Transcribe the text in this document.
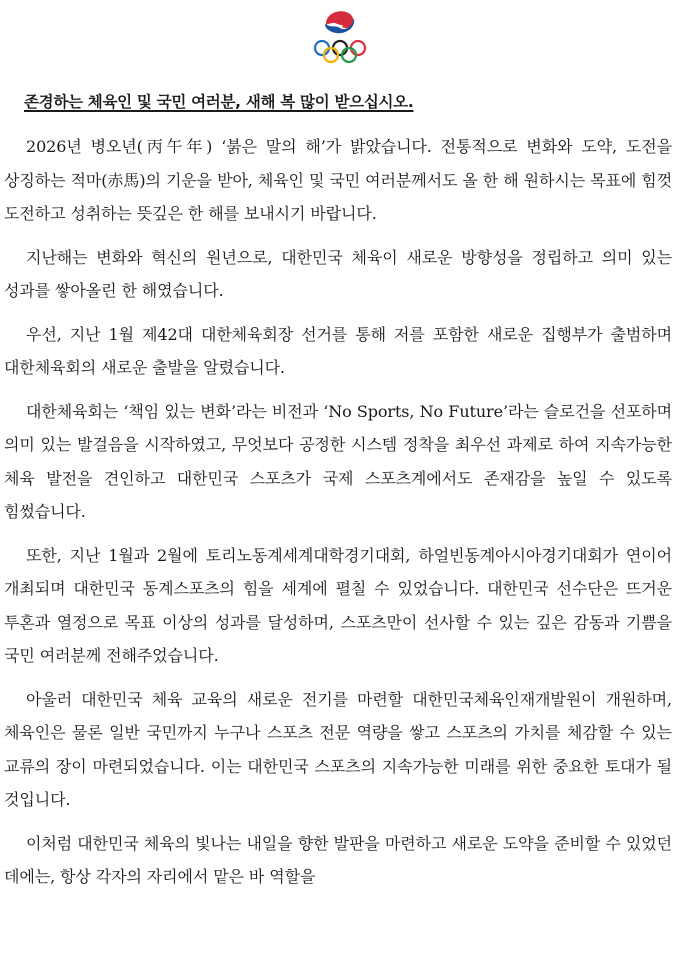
존경하는 체육인 및 국민 여러분, 새해 복 많이 받으십시오.

2026년 병오년(丙午年) ‘붉은 말의 해’가 밝았습니다. 전통적으로 변화와 도약, 도전을 상징하는 적마(赤馬)의 기운을 받아, 체육인 및 국민 여러분께서도 올 한 해 원하시는 목표에 힘껏 도전하고 성취하는 뜻깊은 한 해를 보내시기 바랍니다.

지난해는 변화와 혁신의 원년으로, 대한민국 체육이 새로운 방향성을 정립하고 의미 있는 성과를 쌓아올린 한 해였습니다.

우선, 지난 1월 제42대 대한체육회장 선거를 통해 저를 포함한 새로운 집행부가 출범하며 대한체육회의 새로운 출발을 알렸습니다.

대한체육회는 ‘책임 있는 변화’라는 비전과 ‘No Sports, No Future’라는 슬로건을 선포하며 의미 있는 발걸음을 시작하였고, 무엇보다 공정한 시스템 정착을 최우선 과제로 하여 지속가능한 체육 발전을 견인하고 대한민국 스포츠가 국제 스포츠계에서도 존재감을 높일 수 있도록 힘썼습니다.

또한, 지난 1월과 2월에 토리노동계세계대학경기대회, 하얼빈동계아시아경기대회가 연이어 개최되며 대한민국 동계스포츠의 힘을 세계에 펼칠 수 있었습니다. 대한민국 선수단은 뜨거운 투혼과 열정으로 목표 이상의 성과를 달성하며, 스포츠만이 선사할 수 있는 깊은 감동과 기쁨을 국민 여러분께 전해주었습니다.

아울러 대한민국 체육 교육의 새로운 전기를 마련할 대한민국체육인재개발원이 개원하며, 체육인은 물론 일반 국민까지 누구나 스포츠 전문 역량을 쌓고 스포츠의 가치를 체감할 수 있는 교류의 장이 마련되었습니다. 이는 대한민국 스포츠의 지속가능한 미래를 위한 중요한 토대가 될 것입니다.

이처럼 대한민국 체육의 빛나는 내일을 향한 발판을 마련하고 새로운 도약을 준비할 수 있었던 데에는, 항상 각자의 자리에서 맡은 바 역할을
